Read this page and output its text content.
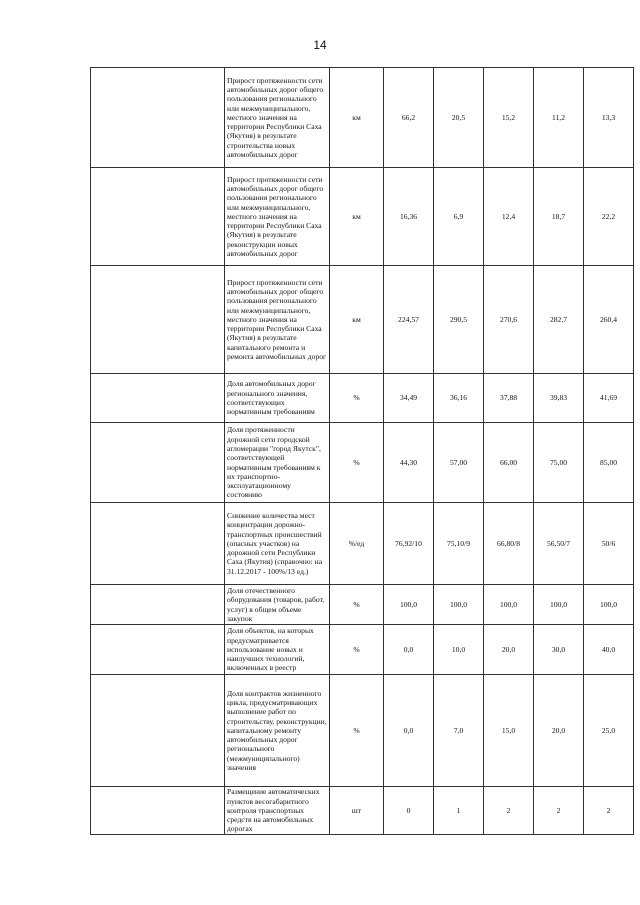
14
	Прирост протяженности сети автомобильных дорог общего пользования регионального или межмуниципального, местного значения на территории Республики Саха (Якутия) в результате строительства новых автомобильных дорог	км	66,2	20,5	15,2	11,2	13,3
	Прирост протяженности сети автомобильных дорог общего пользования регионального или межмуниципального, местного значения на территории Республики Саха (Якутия) в результате реконструкции новых автомобильных дорог	км	16,36	6,9	12,4	18,7	22,2
	Прирост протяженности сети автомобильных дорог общего пользования регионального или межмуниципального, местного значения на территории Республики Саха (Якутия) в результате капитального ремонта и ремонта автомобильных дорог	км	224,57	290,5	270,6	282,7	260,4
	Доля автомобильных дорог регионального значения, соответствующих нормативным требованиям	%	34,49	36,16	37,88	39,83	41,69
	Доля протяженности дорожной сети городской агломерации "город Якутск", соответствующей нормативным требованиям к их транспортно-эксплуатационному состоянию	%	44,30	57,00	66,00	75,00	85,00
	Снижение количества мест концентрации дорожно-транспортных происшествий (опасных участков) на дорожной сети Республики Саха (Якутия) (справочно: на 31.12.2017 - 100%/13 ед.)	%/ед	76,92/10	75,10/9	66,80/8	56,50/7	50/6
	Доля отечественного оборудования (товаров, работ, услуг) в общем объеме закупок	%	100,0	100,0	100,0	100,0	100,0
	Доля объектов, на которых предусматривается использование новых и наилучших технологий, включенных в реестр	%	0,0	10,0	20,0	30,0	40,0
	Доля контрактов жизненного цикла, предусматривающих выполнение работ по строительству, реконструкции, капитальному ремонту автомобильных дорог регионального (межмуниципального) значения	%	0,0	7,0	15,0	20,0	25,0
	Размещение автоматических пунктов весогабаритного контроля транспортных средств на автомобильных дорогах	шт	0	1	2	2	2
